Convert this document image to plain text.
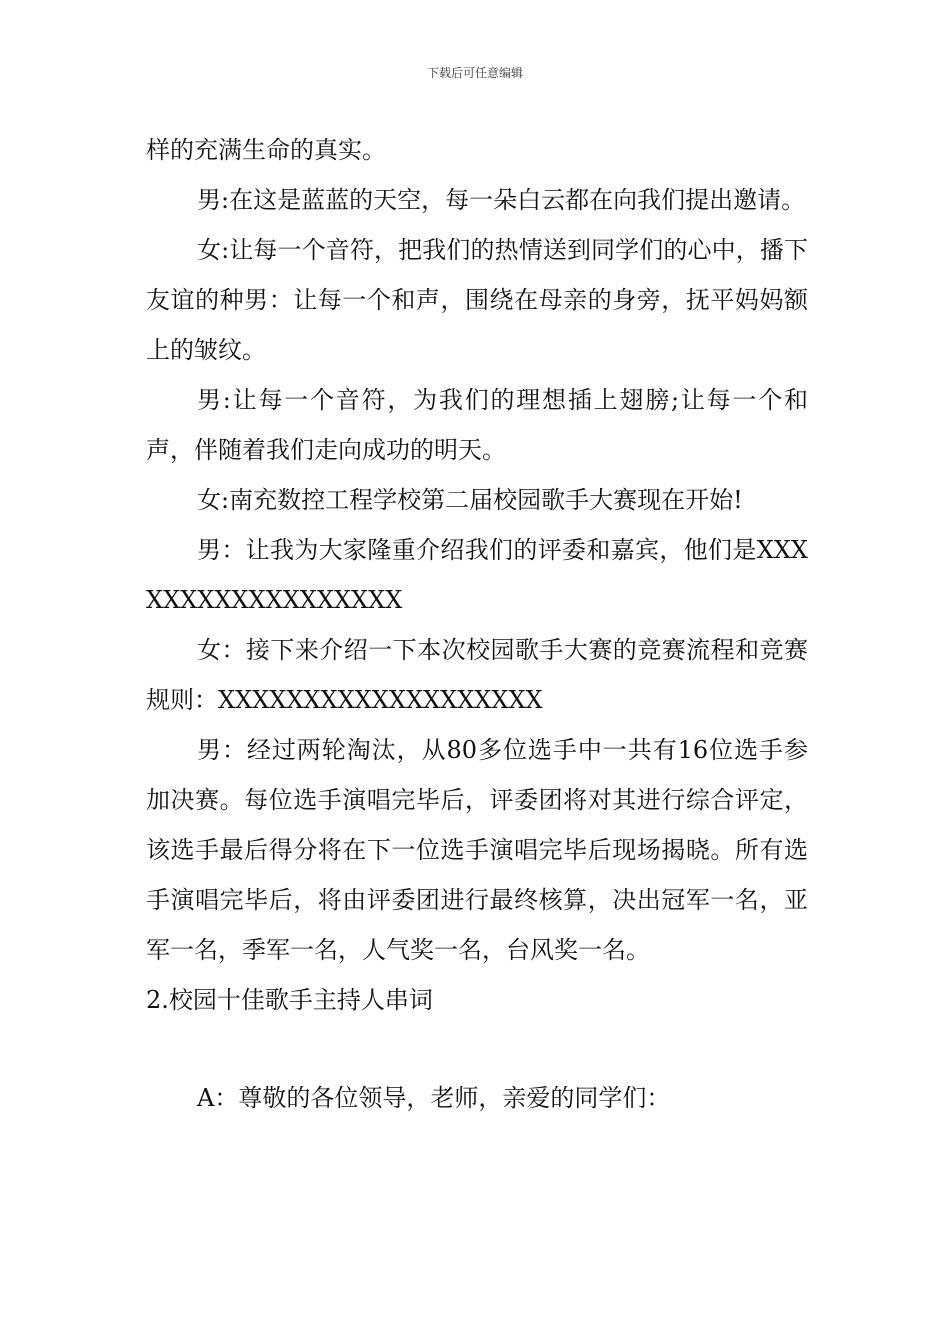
下载后可任意编辑

样的充满生命的真实。

男:在这是蓝蓝的天空，每一朵白云都在向我们提出邀请。

女:让每一个音符，把我们的热情送到同学们的心中，播下友谊的种男：让每一个和声，围绕在母亲的身旁，抚平妈妈额上的皱纹。

男:让每一个音符，为我们的理想插上翅膀;让每一个和声，伴随着我们走向成功的明天。

女:南充数控工程学校第二届校园歌手大赛现在开始!

男：让我为大家隆重介绍我们的评委和嘉宾，他们是XXXXXXXXXXXXXXXXXX

女：接下来介绍一下本次校园歌手大赛的竞赛流程和竞赛规则：XXXXXXXXXXXXXXXXXXX

男：经过两轮淘汰，从80多位选手中一共有16位选手参加决赛。每位选手演唱完毕后，评委团将对其进行综合评定，该选手最后得分将在下一位选手演唱完毕后现场揭晓。所有选手演唱完毕后，将由评委团进行最终核算，决出冠军一名，亚军一名，季军一名，人气奖一名，台风奖一名。

2.校园十佳歌手主持人串词

A：尊敬的各位领导，老师，亲爱的同学们：
